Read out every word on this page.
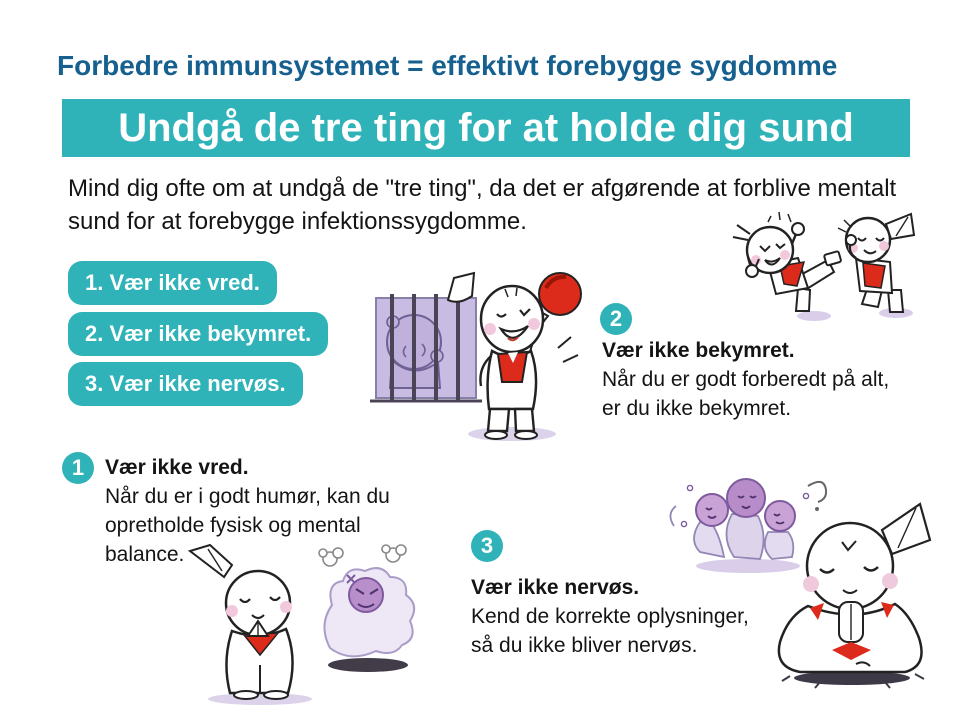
Forbedre immunsystemet = effektivt forebygge sygdomme
Undgå de tre ting for at holde dig sund
Mind dig ofte om at undgå de "tre ting", da det er afgørende at forblive mentalt
sund for at forebygge infektionssygdomme.
1. Vær ikke vred.
2. Vær ikke bekymret.
3. Vær ikke nervøs.
1 Vær ikke vred.
Når du er i godt humør, kan du
opretholde fysisk og mental
balance.
2
Vær ikke bekymret.
Når du er godt forberedt på alt,
er du ikke bekymret.
3
Vær ikke nervøs.
Kend de korrekte oplysninger,
så du ikke bliver nervøs.
